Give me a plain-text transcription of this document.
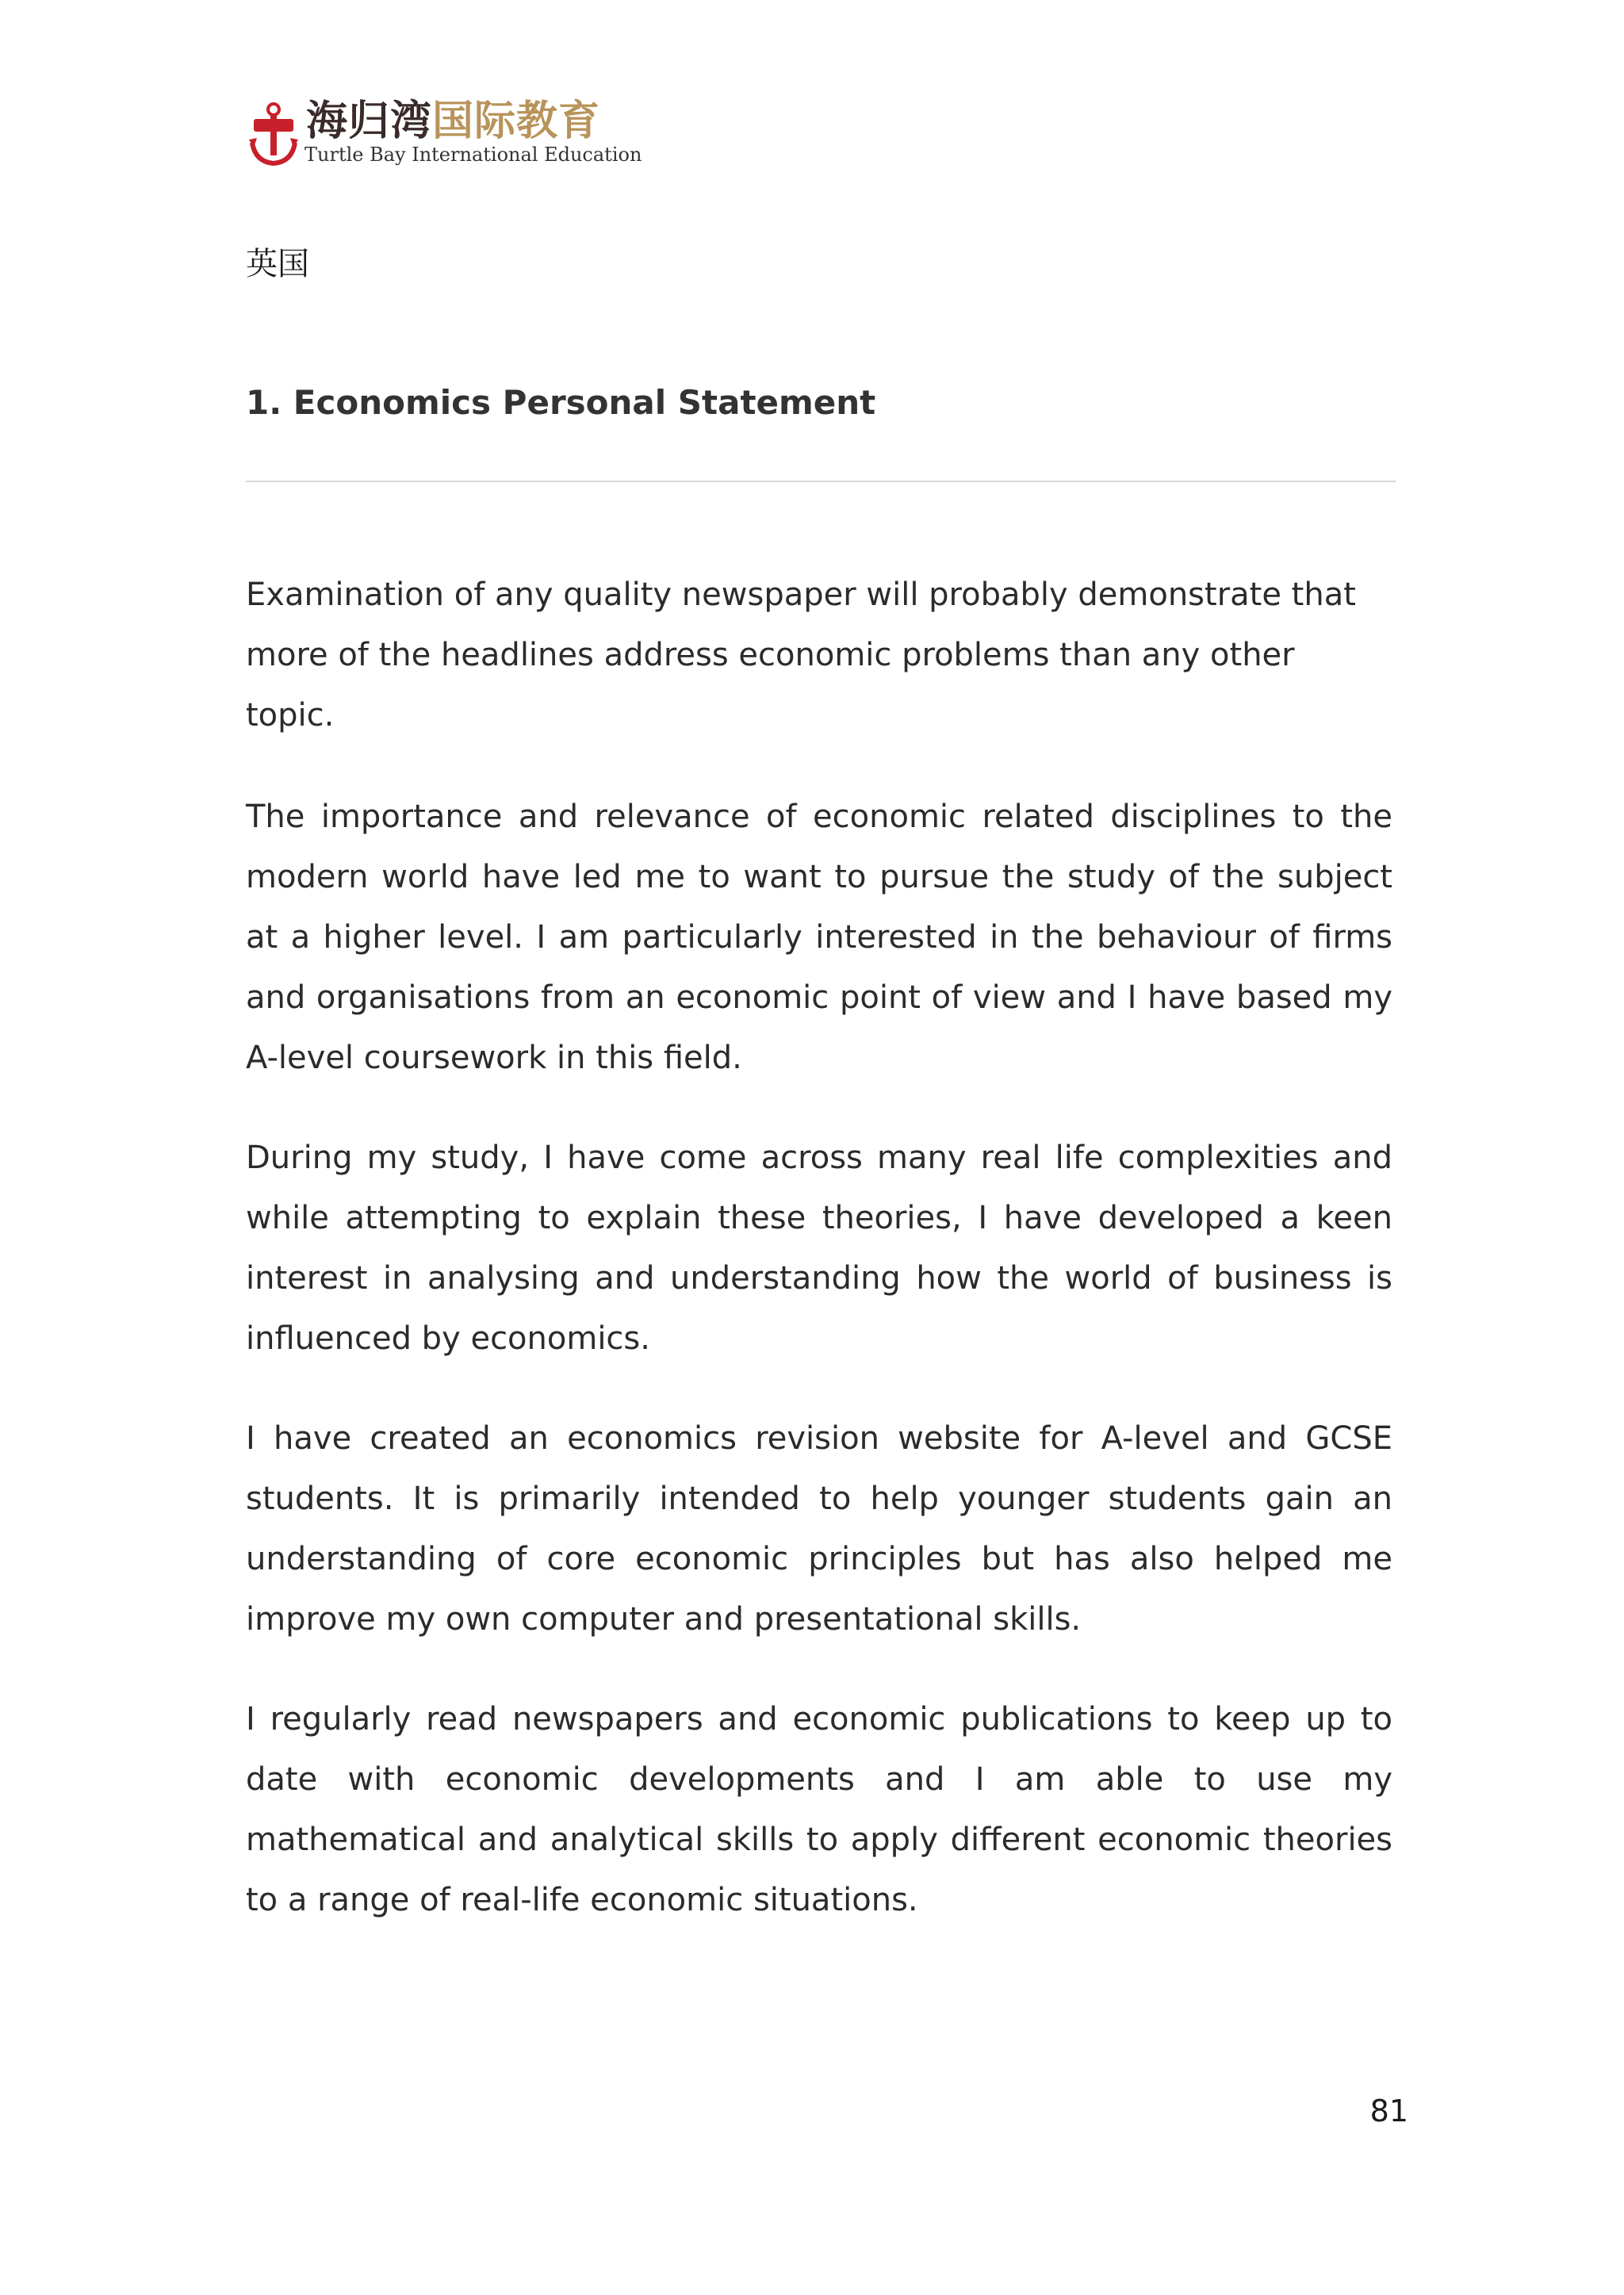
海归湾国际教育
Turtle Bay International Education
英国
1. Economics Personal Statement

Examination of any quality newspaper will probably demonstrate that more of the headlines address economic problems than any other topic.

The importance and relevance of economic related disciplines to the modern world have led me to want to pursue the study of the subject at a higher level. I am particularly interested in the behaviour of firms and organisations from an economic point of view and I have based my A-level coursework in this field.

During my study, I have come across many real life complexities and while attempting to explain these theories, I have developed a keen interest in analysing and understanding how the world of business is influenced by economics.

I have created an economics revision website for A-level and GCSE students. It is primarily intended to help younger students gain an understanding of core economic principles but has also helped me improve my own computer and presentational skills.

I regularly read newspapers and economic publications to keep up to date with economic developments and I am able to use my mathematical and analytical skills to apply different economic theories to a range of real-life economic situations.

81
